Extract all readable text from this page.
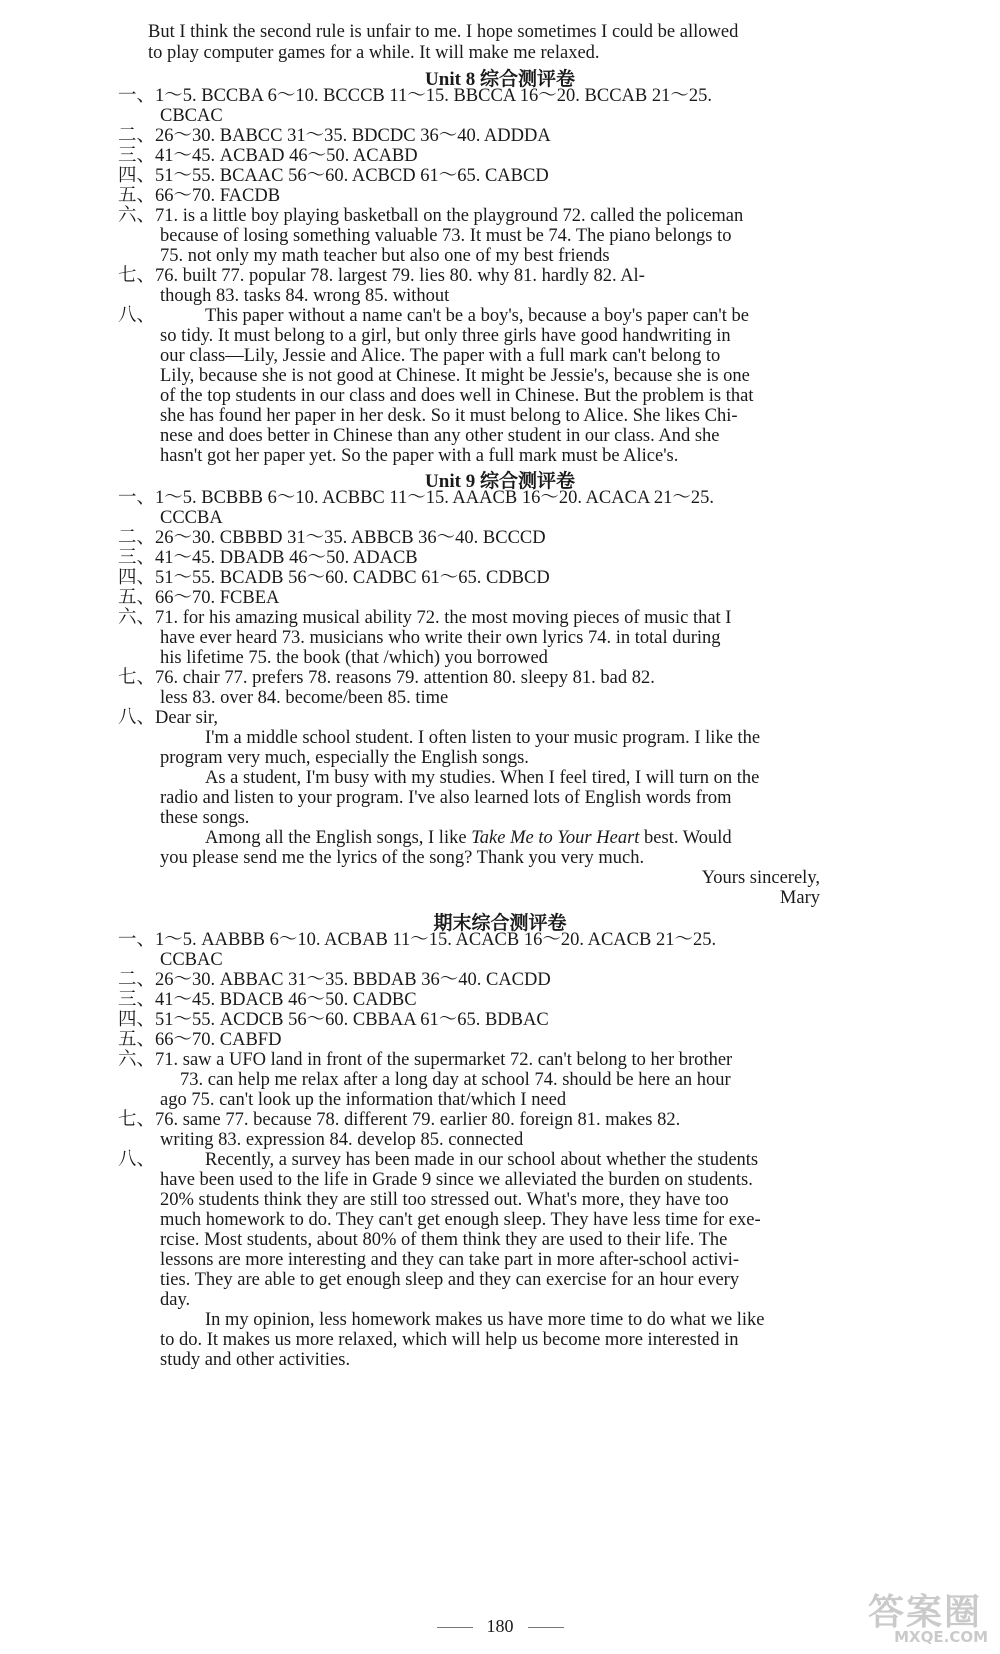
But I think the second rule is unfair to me. I hope sometimes I could be allowed
to play computer games for a while. It will make me relaxed.
Unit 8 综合测评卷
一、1～5. BCCBA 6～10. BCCCB 11～15. BBCCA 16～20. BCCAB 21～25.
CBCAC
二、26～30. BABCC 31～35. BDCDC 36～40. ADDDA
三、41～45. ACBAD 46～50. ACABD
四、51～55. BCAAC 56～60. ACBCD 61～65. CABCD
五、66～70. FACDB
六、71. is a little boy playing basketball on the playground 72. called the policeman
because of losing something valuable 73. It must be 74. The piano belongs to
75. not only my math teacher but also one of my best friends
七、76. built 77. popular 78. largest 79. lies 80. why 81. hardly 82. Al-
though 83. tasks 84. wrong 85. without
八、	This paper without a name can't be a boy's, because a boy's paper can't be
so tidy. It must belong to a girl, but only three girls have good handwriting in
our class—Lily, Jessie and Alice. The paper with a full mark can't belong to
Lily, because she is not good at Chinese. It might be Jessie's, because she is one
of the top students in our class and does well in Chinese. But the problem is that
she has found her paper in her desk. So it must belong to Alice. She likes Chi-
nese and does better in Chinese than any other student in our class. And she
hasn't got her paper yet. So the paper with a full mark must be Alice's.
Unit 9 综合测评卷
一、1～5. BCBBB 6～10. ACBBC 11～15. AAACB 16～20. ACACA 21～25.
CCCBA
二、26～30. CBBBD 31～35. ABBCB 36～40. BCCCD
三、41～45. DBADB 46～50. ADACB
四、51～55. BCADB 56～60. CADBC 61～65. CDBCD
五、66～70. FCBEA
六、71. for his amazing musical ability 72. the most moving pieces of music that I
have ever heard 73. musicians who write their own lyrics 74. in total during
his lifetime 75. the book (that /which) you borrowed
七、76. chair 77. prefers 78. reasons 79. attention 80. sleepy 81. bad 82.
less 83. over 84. become/been 85. time
八、Dear sir,
I'm a middle school student. I often listen to your music program. I like the
program very much, especially the English songs.
As a student, I'm busy with my studies. When I feel tired, I will turn on the
radio and listen to your program. I've also learned lots of English words from
these songs.
Among all the English songs, I like Take Me to Your Heart best. Would
you please send me the lyrics of the song? Thank you very much.
Yours sincerely,
Mary
期末综合测评卷
一、1～5. AABBB 6～10. ACBAB 11～15. ACACB 16～20. ACACB 21～25.
CCBAC
二、26～30. ABBAC 31～35. BBDAB 36～40. CACDD
三、41～45. BDACB 46～50. CADBC
四、51～55. ACDCB 56～60. CBBAA 61～65. BDBAC
五、66～70. CABFD
六、71. saw a UFO land in front of the supermarket 72. can't belong to her brother
73. can help me relax after a long day at school 74. should be here an hour
ago 75. can't look up the information that/which I need
七、76. same 77. because 78. different 79. earlier 80. foreign 81. makes 82.
writing 83. expression 84. develop 85. connected
八、	Recently, a survey has been made in our school about whether the students
have been used to the life in Grade 9 since we alleviated the burden on students.
20% students think they are still too stressed out. What's more, they have too
much homework to do. They can't get enough sleep. They have less time for exe-
rcise. Most students, about 80% of them think they are used to their life. The
lessons are more interesting and they can take part in more after-school activi-
ties. They are able to get enough sleep and they can exercise for an hour every
day.
In my opinion, less homework makes us have more time to do what we like
to do. It makes us more relaxed, which will help us become more interested in
study and other activities.
180	答案圈
MXQE.COM
